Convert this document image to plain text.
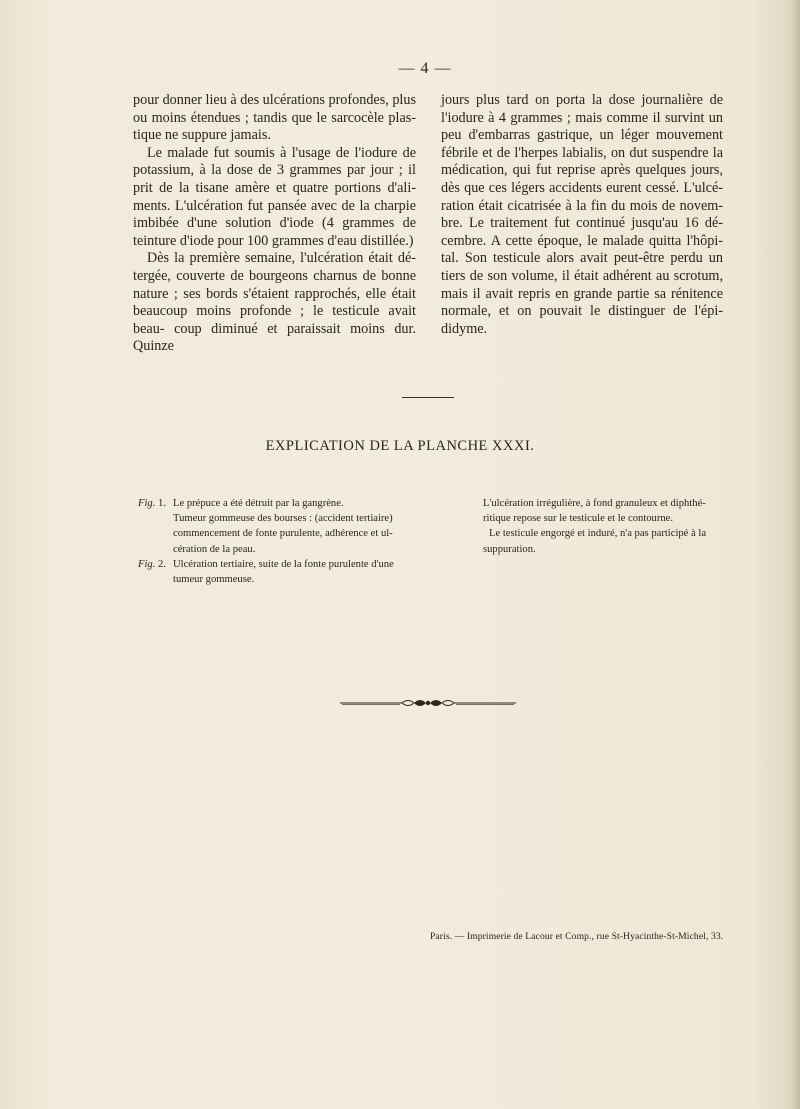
— 4 —

pour donner lieu à des ulcérations profondes, plus ou moins étendues ; tandis que le sarcocèle plas- tique ne suppure jamais.

Le malade fut soumis à l'usage de l'iodure de potassium, à la dose de 3 grammes par jour ; il prit de la tisane amère et quatre portions d'ali- ments. L'ulcération fut pansée avec de la charpie imbibée d'une solution d'iode (4 grammes de teinture d'iode pour 100 grammes d'eau distillée.)

Dès la première semaine, l'ulcération était dé- tergée, couverte de bourgeons charnus de bonne nature ; ses bords s'étaient rapprochés, elle était beaucoup moins profonde ; le testicule avait beau- coup diminué et paraissait moins dur. Quinze

jours plus tard on porta la dose journalière de l'iodure à 4 grammes ; mais comme il survint un peu d'embarras gastrique, un léger mouvement fébrile et de l'herpes labialis, on dut suspendre la médication, qui fut reprise après quelques jours, dès que ces légers accidents eurent cessé. L'ulcé- ration était cicatrisée à la fin du mois de novem- bre. Le traitement fut continué jusqu'au 16 dé- cembre. A cette époque, le malade quitta l'hôpi- tal. Son testicule alors avait peut-être perdu un tiers de son volume, il était adhérent au scrotum, mais il avait repris en grande partie sa rénitence normale, et on pouvait le distinguer de l'épi- didyme.

EXPLICATION DE LA PLANCHE XXXI.
Fig. 1. Le prépuce a été détruit par la gangrène.
Tumeur gommeuse des bourses : (accident tertiaire)
commencement de fonte purulente, adhérence et ul-
cération de la peau.
Fig. 2. Ulcération tertiaire, suite de la fonte purulente d'une
tumeur gommeuse.
L'ulcération irrégulière, à fond granuleux et diphthé-
ritique repose sur le testicule et le contourne.
Le testicule engorgé et induré, n'a pas participé à la
suppuration.
Paris. — Imprimerie de Lacour et Comp., rue St-Hyacinthe-St-Michel, 33.
